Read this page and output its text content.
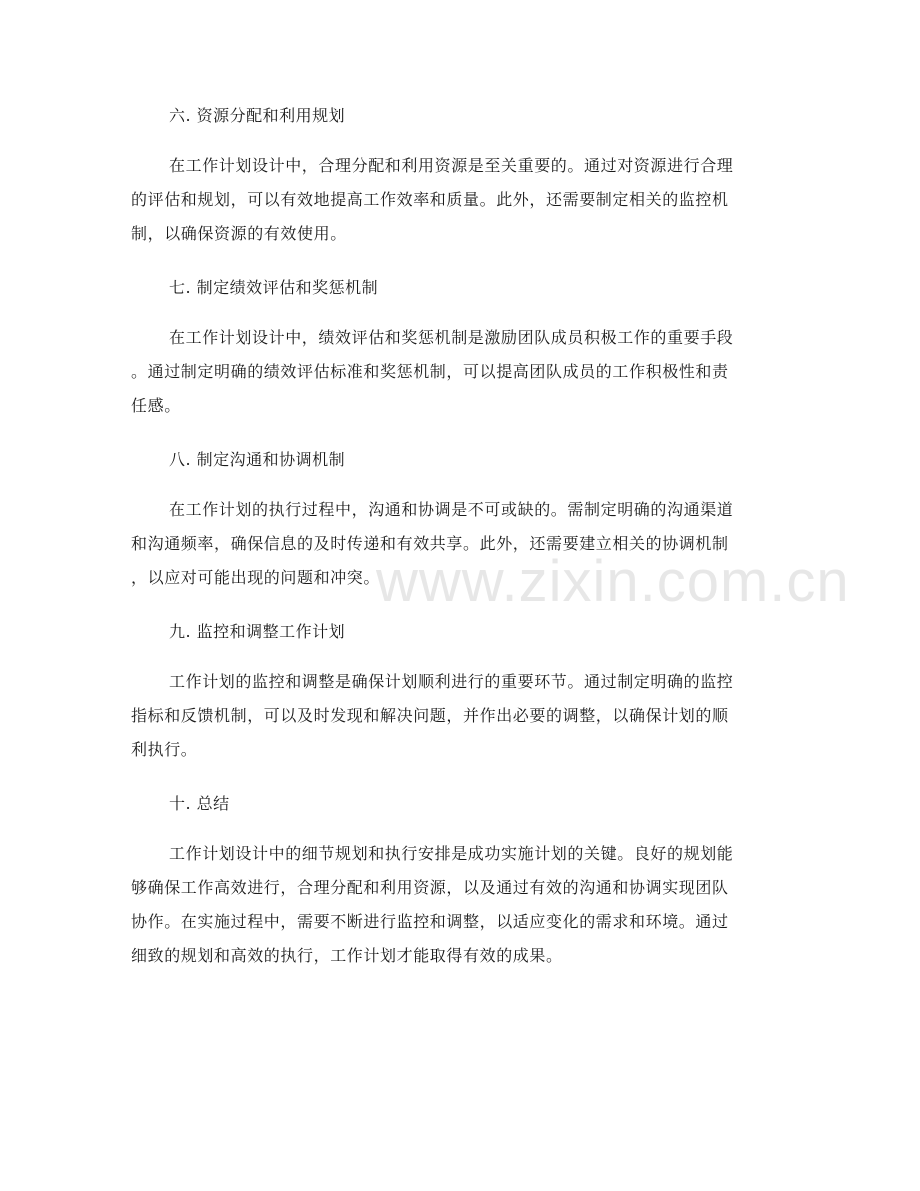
六. 资源分配和利用规划

在工作计划设计中，合理分配和利用资源是至关重要的。通过对资源进行合理
的评估和规划，可以有效地提高工作效率和质量。此外，还需要制定相关的监控机
制，以确保资源的有效使用。

七. 制定绩效评估和奖惩机制

在工作计划设计中，绩效评估和奖惩机制是激励团队成员积极工作的重要手段
。通过制定明确的绩效评估标准和奖惩机制，可以提高团队成员的工作积极性和责
任感。

八. 制定沟通和协调机制

在工作计划的执行过程中，沟通和协调是不可或缺的。需制定明确的沟通渠道
和沟通频率，确保信息的及时传递和有效共享。此外，还需要建立相关的协调机制
，以应对可能出现的问题和冲突。

九. 监控和调整工作计划

工作计划的监控和调整是确保计划顺利进行的重要环节。通过制定明确的监控
指标和反馈机制，可以及时发现和解决问题，并作出必要的调整，以确保计划的顺
利执行。

十. 总结

工作计划设计中的细节规划和执行安排是成功实施计划的关键。良好的规划能
够确保工作高效进行，合理分配和利用资源，以及通过有效的沟通和协调实现团队
协作。在实施过程中，需要不断进行监控和调整，以适应变化的需求和环境。通过
细致的规划和高效的执行，工作计划才能取得有效的成果。

www.zixin.com.cn
